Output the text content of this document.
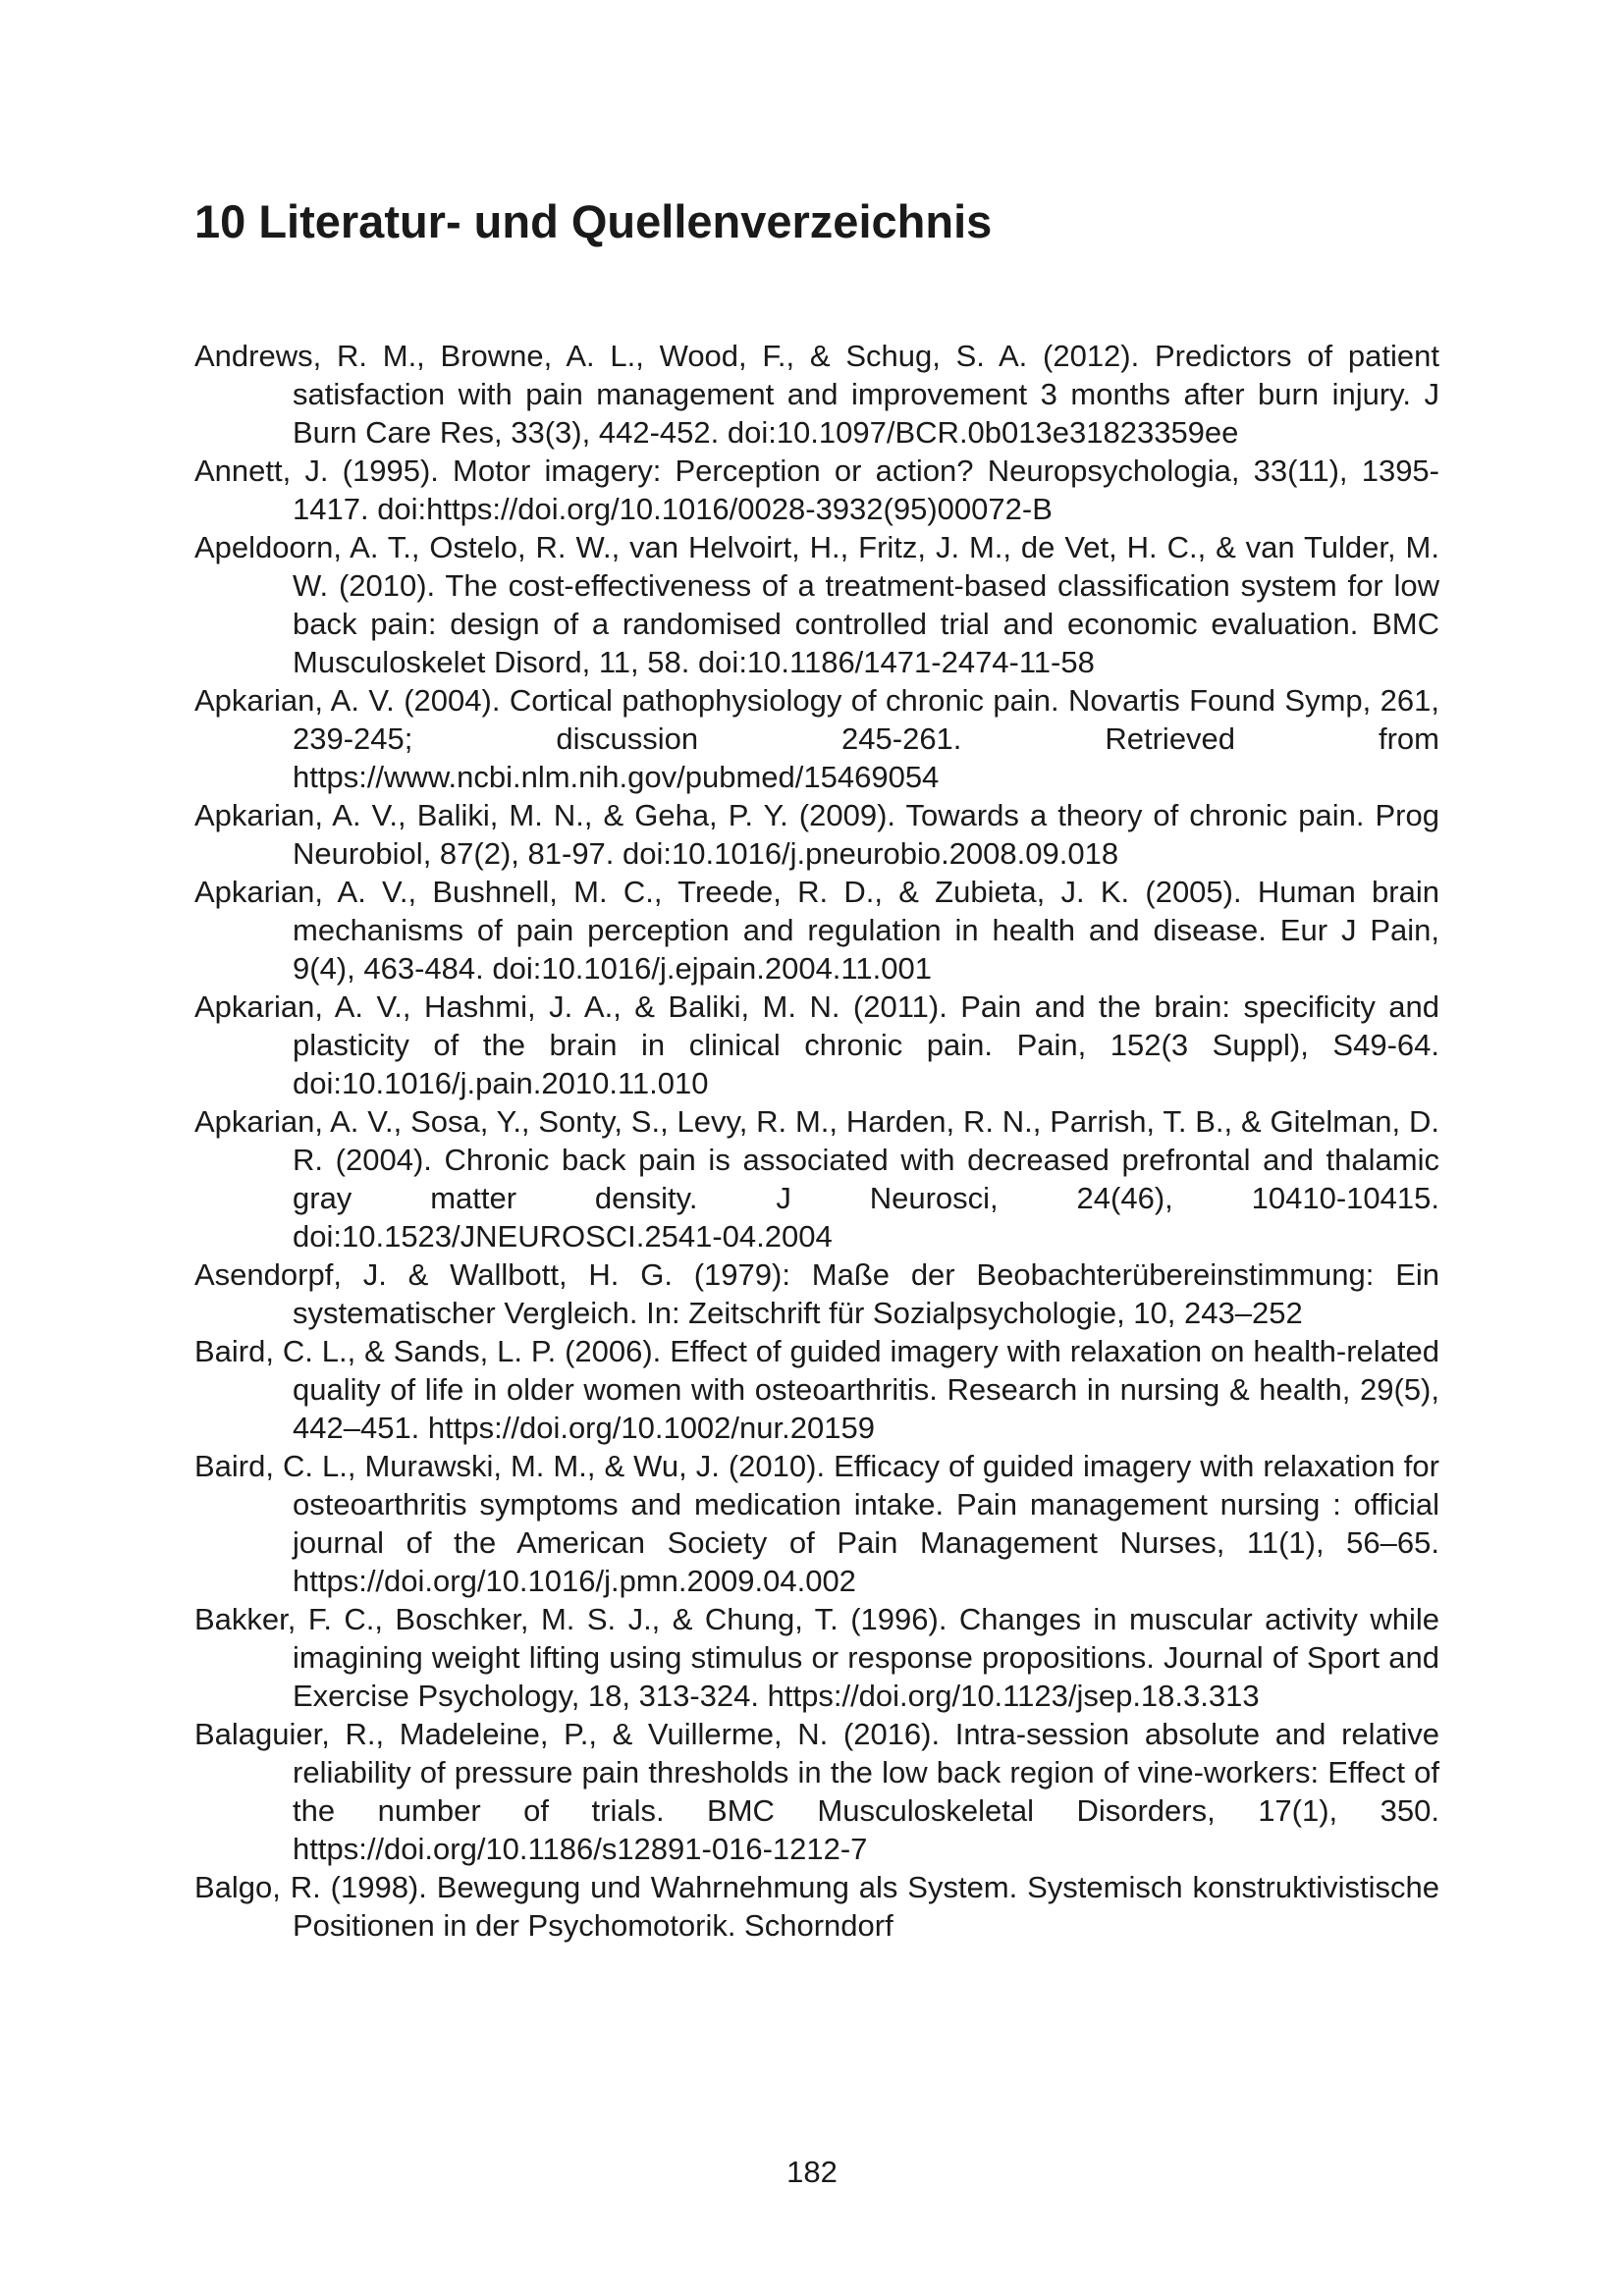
10 Literatur- und Quellenverzeichnis
Andrews, R. M., Browne, A. L., Wood, F., & Schug, S. A. (2012). Predictors of patient satisfaction with pain management and improvement 3 months after burn injury. J Burn Care Res, 33(3), 442-452. doi:10.1097/BCR.0b013e31823359ee
Annett, J. (1995). Motor imagery: Perception or action? Neuropsychologia, 33(11), 1395-1417. doi:https://doi.org/10.1016/0028-3932(95)00072-B
Apeldoorn, A. T., Ostelo, R. W., van Helvoirt, H., Fritz, J. M., de Vet, H. C., & van Tulder, M. W. (2010). The cost-effectiveness of a treatment-based classification system for low back pain: design of a randomised controlled trial and economic evaluation. BMC Musculoskelet Disord, 11, 58. doi:10.1186/1471-2474-11-58
Apkarian, A. V. (2004). Cortical pathophysiology of chronic pain. Novartis Found Symp, 261, 239-245; discussion 245-261. Retrieved from https://www.ncbi.nlm.nih.gov/pubmed/15469054
Apkarian, A. V., Baliki, M. N., & Geha, P. Y. (2009). Towards a theory of chronic pain. Prog Neurobiol, 87(2), 81-97. doi:10.1016/j.pneurobio.2008.09.018
Apkarian, A. V., Bushnell, M. C., Treede, R. D., & Zubieta, J. K. (2005). Human brain mechanisms of pain perception and regulation in health and disease. Eur J Pain, 9(4), 463-484. doi:10.1016/j.ejpain.2004.11.001
Apkarian, A. V., Hashmi, J. A., & Baliki, M. N. (2011). Pain and the brain: specificity and plasticity of the brain in clinical chronic pain. Pain, 152(3 Suppl), S49-64. doi:10.1016/j.pain.2010.11.010
Apkarian, A. V., Sosa, Y., Sonty, S., Levy, R. M., Harden, R. N., Parrish, T. B., & Gitelman, D. R. (2004). Chronic back pain is associated with decreased prefrontal and thalamic gray matter density. J Neurosci, 24(46), 10410-10415. doi:10.1523/JNEUROSCI.2541-04.2004
Asendorpf, J. & Wallbott, H. G. (1979): Maße der Beobachterübereinstimmung: Ein systematischer Vergleich. In: Zeitschrift für Sozialpsychologie, 10, 243–252
Baird, C. L., & Sands, L. P. (2006). Effect of guided imagery with relaxation on health-related quality of life in older women with osteoarthritis. Research in nursing & health, 29(5), 442–451. https://doi.org/10.1002/nur.20159
Baird, C. L., Murawski, M. M., & Wu, J. (2010). Efficacy of guided imagery with relaxation for osteoarthritis symptoms and medication intake. Pain management nursing : official journal of the American Society of Pain Management Nurses, 11(1), 56–65. https://doi.org/10.1016/j.pmn.2009.04.002
Bakker, F. C., Boschker, M. S. J., & Chung, T. (1996). Changes in muscular activity while imagining weight lifting using stimulus or response propositions. Journal of Sport and Exercise Psychology, 18, 313-324. https://doi.org/10.1123/jsep.18.3.313
Balaguier, R., Madeleine, P., & Vuillerme, N. (2016). Intra‑session absolute and relative reliability of pressure pain thresholds in the low back region of vine‑workers: Effect of the number of trials. BMC Musculoskeletal Disorders, 17(1), 350. https://doi.org/10.1186/s12891‑016‑1212‑7
Balgo, R. (1998). Bewegung und Wahrnehmung als System. Systemisch konstruktivistische Positionen in der Psychomotorik. Schorndorf
182
